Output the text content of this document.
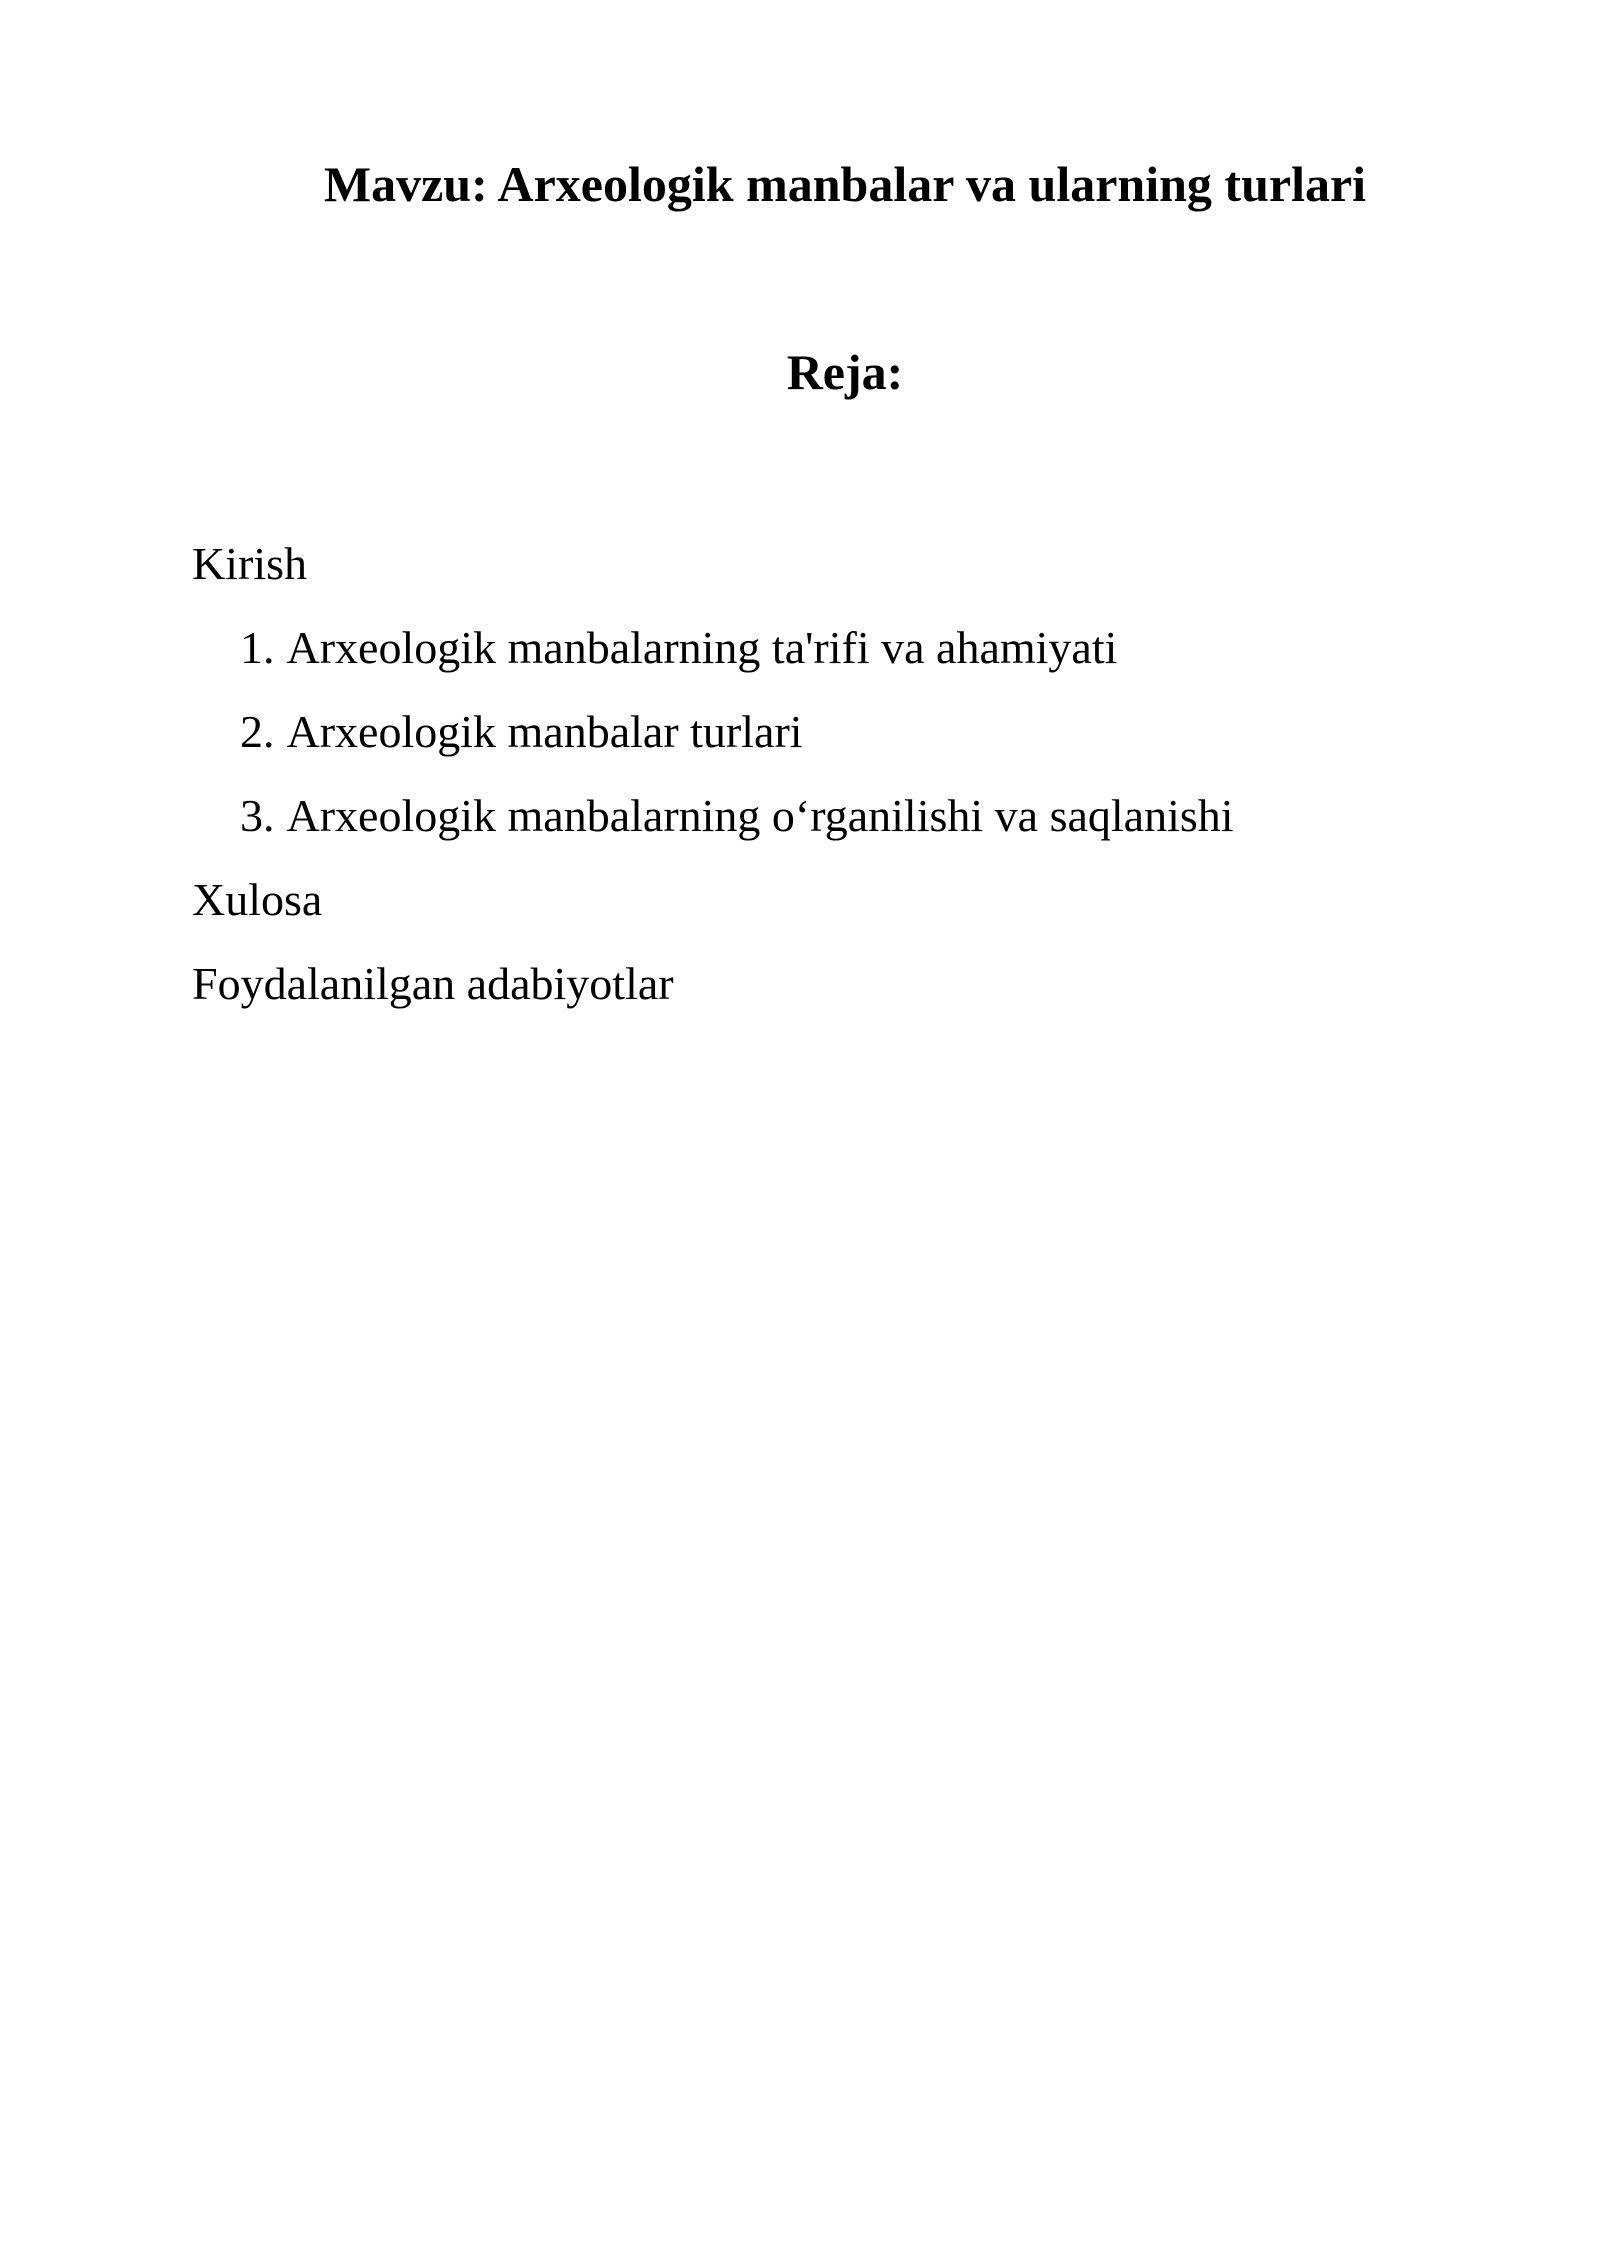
Mavzu: Arxeologik manbalar va ularning turlari
Reja:
Kirish
1. Arxeologik manbalarning ta'rifi va ahamiyati
2. Arxeologik manbalar turlari
3. Arxeologik manbalarning o‘rganilishi va saqlanishi
Xulosa
Foydalanilgan adabiyotlar
